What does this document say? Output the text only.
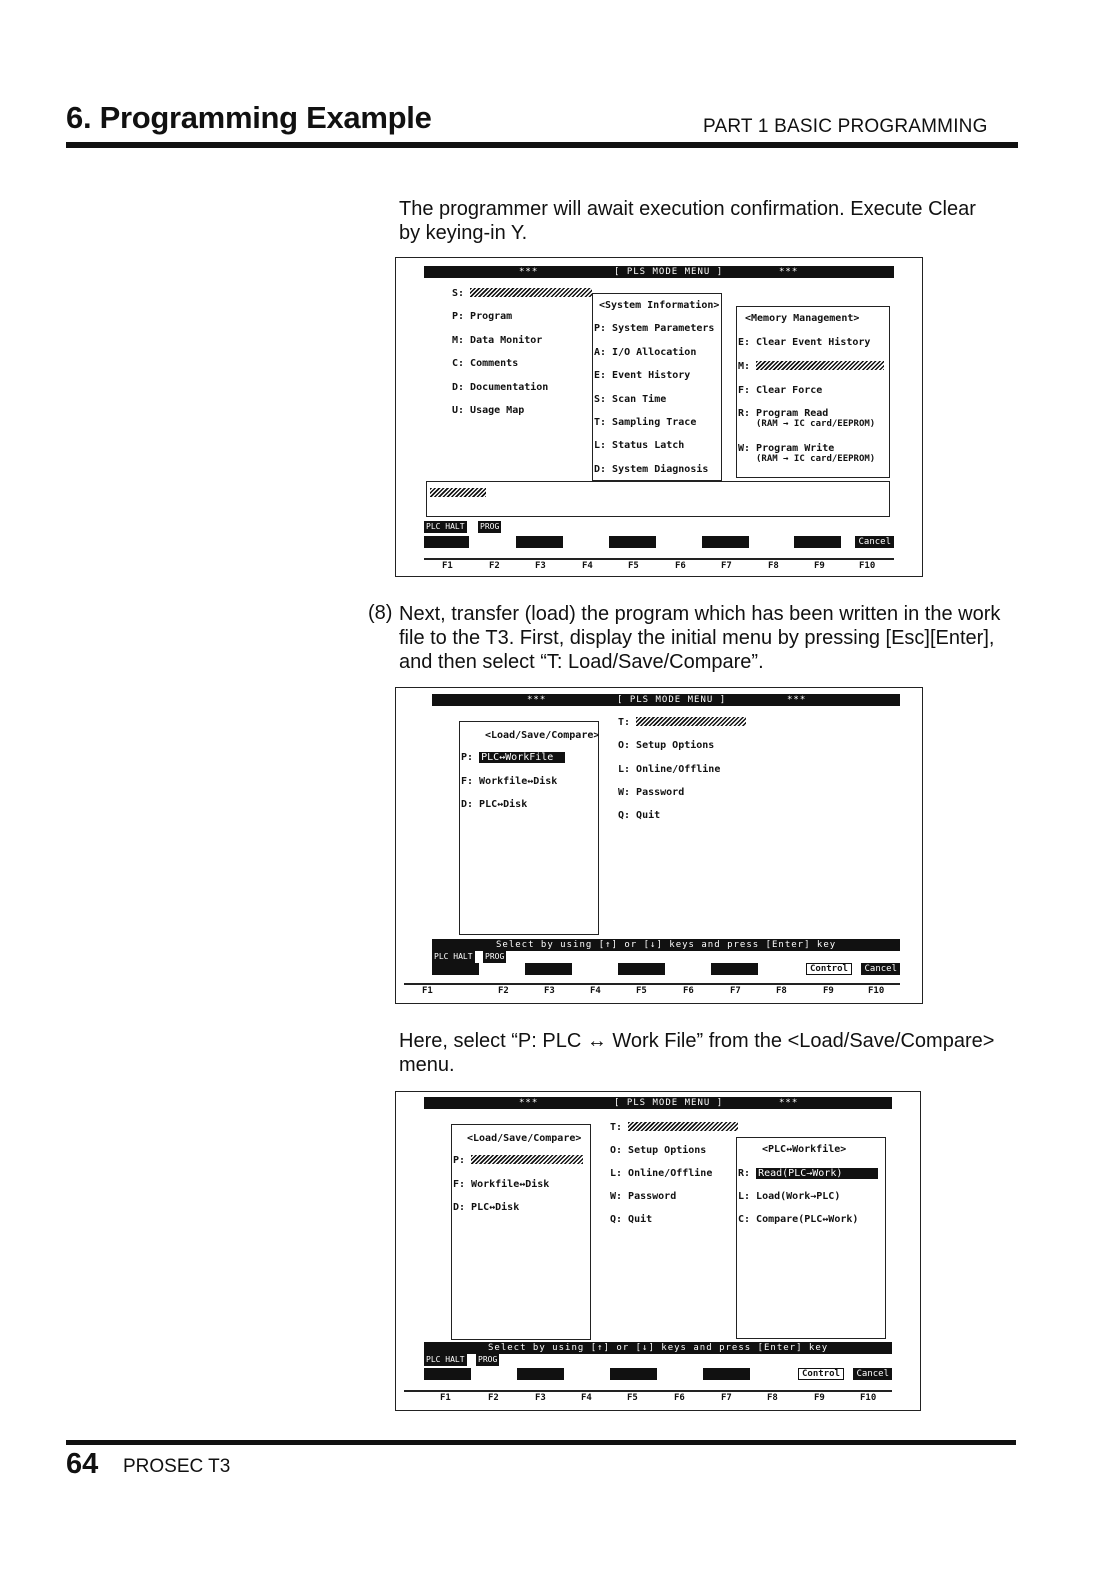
6. Programming Example	PART 1 BASIC PROGRAMMING
The programmer will await execution confirmation. Execute Clear
by keying-in Y.
***	[ PLS MODE MENU ]	***
S:
P: Program
M: Data Monitor
C: Comments
D: Documentation
U: Usage Map
<System Information>
P: System Parameters
A: I/O Allocation
E: Event History
S: Scan Time
T: Sampling Trace
L: Status Latch
D: System Diagnosis
<Memory Management>
E: Clear Event History
M:
F: Clear Force
R: Program Read
(RAM → IC card/EEPROM)
W: Program Write
(RAM → IC card/EEPROM)
PLC HALT PROG
Cancel
F1	F2	F3	F4	F5	F6	F7	F8	F9	F10
(8) Next, transfer (load) the program which has been written in the work
file to the T3. First, display the initial menu by pressing [Esc][Enter],
and then select “T: Load/Save/Compare”.
***	[ PLS MODE MENU ]	***
<Load/Save/Compare>
P: PLC↔WorkFile
F: Workfile↔Disk
D: PLC↔Disk
T:
O: Setup Options
L: Online/Offline
W: Password
Q: Quit
Select by using [↑] or [↓] keys and press [Enter] key
PLC HALT PROG
Control	Cancel
F1	F2	F3	F4	F5	F6	F7	F8	F9	F10
Here, select “P: PLC ↔ Work File” from the <Load/Save/Compare>
menu.
***	[ PLS MODE MENU ]	***
<Load/Save/Compare>
P:
F: Workfile↔Disk
D: PLC↔Disk
T:
O: Setup Options
L: Online/Offline
W: Password
Q: Quit
<PLC↔Workfile>
R: Read(PLC→Work)
L: Load(Work→PLC)
C: Compare(PLC↔Work)
Select by using [↑] or [↓] keys and press [Enter] key
PLC HALT PROG
Control	Cancel
F1	F2	F3	F4	F5	F6	F7	F8	F9	F10
64 PROSEC T3
